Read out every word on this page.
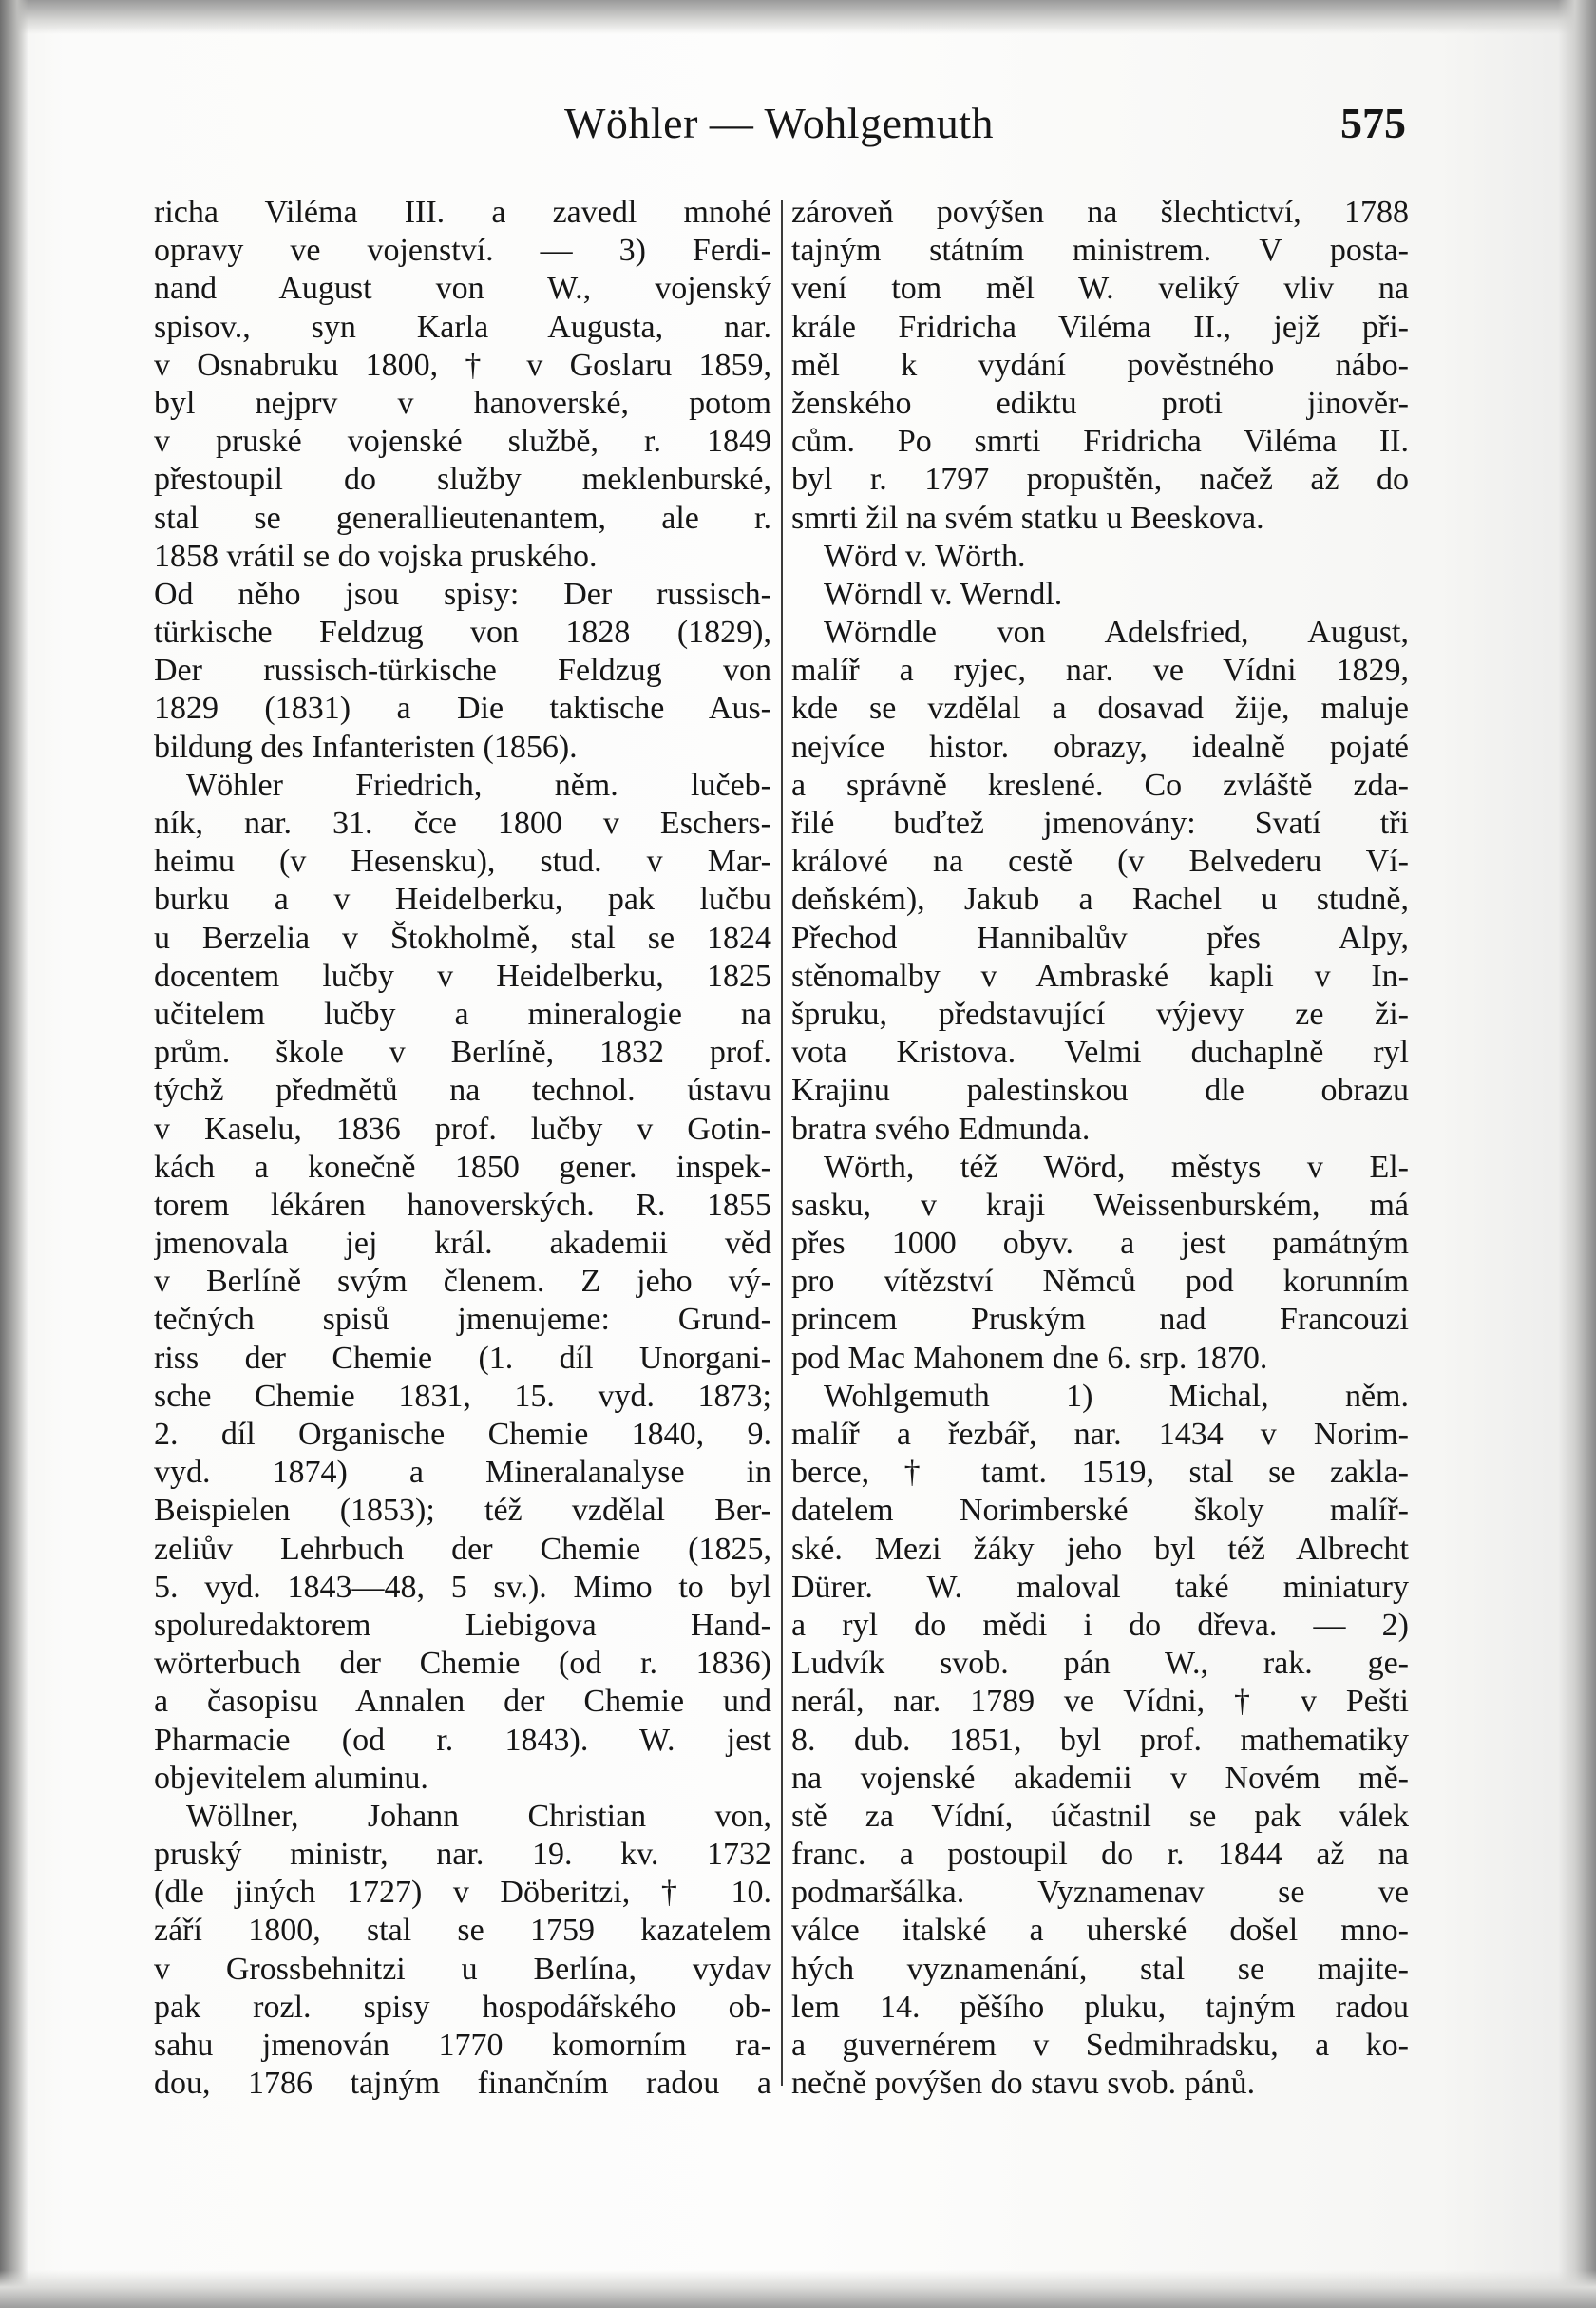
Wöhler — Wohlgemuth	575
richa Viléma III. a zavedl mnohé
opravy ve vojenství. — 3) Ferdi-
nand August von W., vojenský
spisov., syn Karla Augusta, nar.
v Osnabruku 1800, † v Goslaru 1859,
byl nejprv v hanoverské, potom
v pruské vojenské službě, r. 1849
přestoupil do služby meklenburské,
stal se generallieutenantem, ale r.
1858 vrátil se do vojska pruského.
Od něho jsou spisy: Der russisch-
türkische Feldzug von 1828 (1829),
Der russisch-türkische Feldzug von
1829 (1831) a Die taktische Aus-
bildung des Infanteristen (1856).
Wöhler Friedrich, něm. lučeb-
ník, nar. 31. čce 1800 v Eschers-
heimu (v Hesensku), stud. v Mar-
burku a v Heidelberku, pak lučbu
u Berzelia v Štokholmě, stal se 1824
docentem lučby v Heidelberku, 1825
učitelem lučby a mineralogie na
prům. škole v Berlíně, 1832 prof.
týchž předmětů na technol. ústavu
v Kaselu, 1836 prof. lučby v Gotin-
kách a konečně 1850 gener. inspek-
torem lékáren hanoverských. R. 1855
jmenovala jej král. akademii věd
v Berlíně svým členem. Z jeho vý-
tečných spisů jmenujeme: Grund-
riss der Chemie (1. díl Unorgani-
sche Chemie 1831, 15. vyd. 1873;
2. díl Organische Chemie 1840, 9.
vyd. 1874) a Mineralanalyse in
Beispielen (1853); též vzdělal Ber-
zeliův Lehrbuch der Chemie (1825,
5. vyd. 1843—48, 5 sv.). Mimo to byl
spoluredaktorem Liebigova Hand-
wörterbuch der Chemie (od r. 1836)
a časopisu Annalen der Chemie und
Pharmacie (od r. 1843). W. jest
objevitelem aluminu.
Wöllner, Johann Christian von,
pruský ministr, nar. 19. kv. 1732
(dle jiných 1727) v Döberitzi, † 10.
září 1800, stal se 1759 kazatelem
v Grossbehnitzi u Berlína, vydav
pak rozl. spisy hospodářského ob-
sahu jmenován 1770 komorním ra-
dou, 1786 tajným finančním radou a
zároveň povýšen na šlechtictví, 1788
tajným státním ministrem. V posta-
vení tom měl W. veliký vliv na
krále Fridricha Viléma II., jejž při-
měl k vydání pověstného nábo-
ženského ediktu proti jinověr-
cům. Po smrti Fridricha Viléma II.
byl r. 1797 propuštěn, načež až do
smrti žil na svém statku u Beeskova.
Wörd v. Wörth.
Wörndl v. Werndl.
Wörndle von Adelsfried, August,
malíř a ryjec, nar. ve Vídni 1829,
kde se vzdělal a dosavad žije, maluje
nejvíce histor. obrazy, idealně pojaté
a správně kreslené. Co zvláště zda-
řilé buďtež jmenovány: Svatí tři
králové na cestě (v Belvederu Ví-
deňském), Jakub a Rachel u studně,
Přechod Hannibalův přes Alpy,
stěnomalby v Ambraské kapli v In-
špruku, představující výjevy ze ži-
vota Kristova. Velmi duchaplně ryl
Krajinu palestinskou dle obrazu
bratra svého Edmunda.
Wörth, též Wörd, městys v El-
sasku, v kraji Weissenburském, má
přes 1000 obyv. a jest památným
pro vítězství Němců pod korunním
princem Pruským nad Francouzi
pod Mac Mahonem dne 6. srp. 1870.
Wohlgemuth 1) Michal, něm.
malíř a řezbář, nar. 1434 v Norim-
berce, † tamt. 1519, stal se zakla-
datelem Norimberské školy malíř-
ské. Mezi žáky jeho byl též Albrecht
Dürer. W. maloval také miniatury
a ryl do mědi i do dřeva. — 2)
Ludvík svob. pán W., rak. ge-
nerál, nar. 1789 ve Vídni, † v Pešti
8. dub. 1851, byl prof. mathematiky
na vojenské akademii v Novém mě-
stě za Vídní, účastnil se pak válek
franc. a postoupil do r. 1844 až na
podmaršálka. Vyznamenav se ve
válce italské a uherské došel mno-
hých vyznamenání, stal se majite-
lem 14. pěšího pluku, tajným radou
a guvernérem v Sedmihradsku, a ko-
nečně povýšen do stavu svob. pánů.
